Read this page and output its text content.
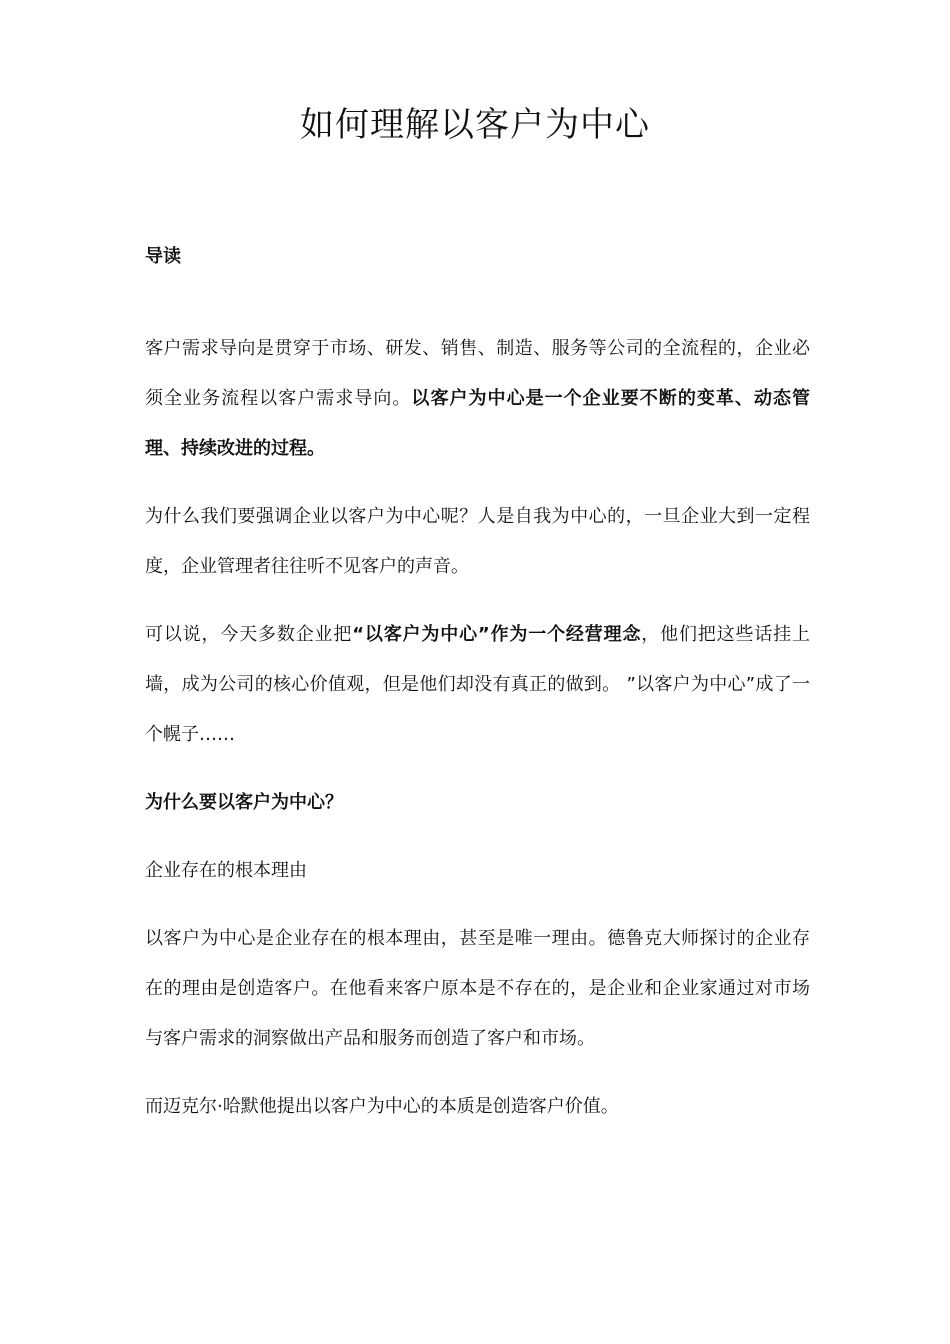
如何理解以客户为中心
导读

客户需求导向是贯穿于市场、研发、销售、制造、服务等公司的全流程的，企业必须全业务流程以客户需求导向。以客户为中心是一个企业要不断的变革、动态管理、持续改进的过程。

为什么我们要强调企业以客户为中心呢？人是自我为中心的，一旦企业大到一定程度，企业管理者往往听不见客户的声音。

可以说，今天多数企业把“以客户为中心”作为一个经营理念，他们把这些话挂上墙，成为公司的核心价值观，但是他们却没有真正的做到。 ”以客户为中心”成了一个幌子……

为什么要以客户为中心？
企业存在的根本理由

以客户为中心是企业存在的根本理由，甚至是唯一理由。德鲁克大师探讨的企业存在的理由是创造客户。在他看来客户原本是不存在的，是企业和企业家通过对市场与客户需求的洞察做出产品和服务而创造了客户和市场。

而迈克尔·哈默他提出以客户为中心的本质是创造客户价值。
